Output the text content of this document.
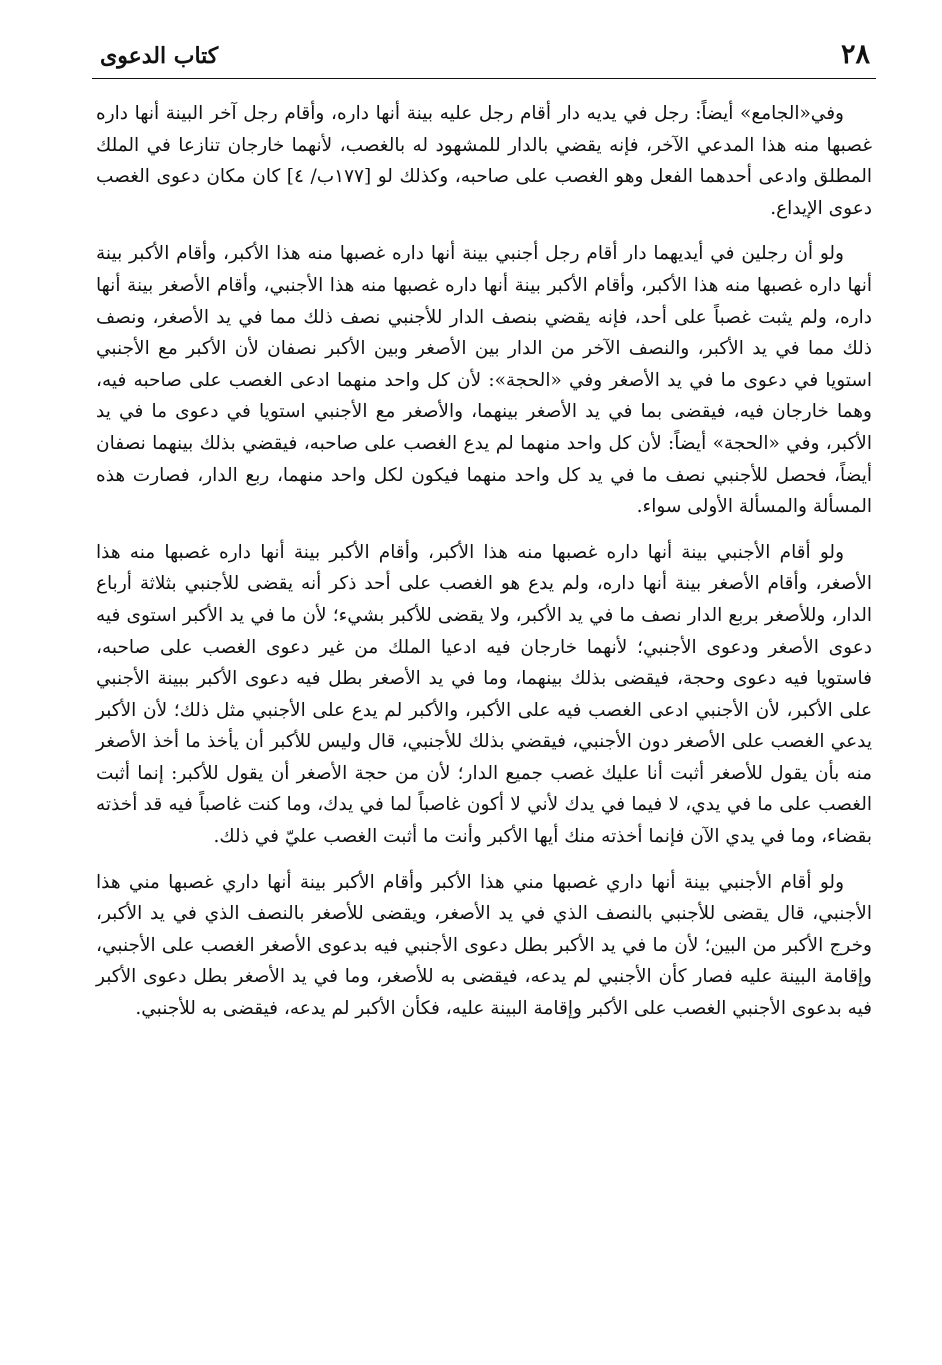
٢٨
كتاب الدعوى

وفي«الجامع» أيضاً: رجل في يديه دار أقام رجل عليه بينة أنها داره، وأقام رجل آخر البينة أنها داره غصبها منه هذا المدعي الآخر، فإنه يقضي بالدار للمشهود له بالغصب، لأنهما خارجان تنازعا في الملك المطلق وادعى أحدهما الفعل وهو الغصب على صاحبه، وكذلك لو [١٧٧ب/ ٤] كان مكان دعوى الغصب دعوى الإيداع.

ولو أن رجلين في أيديهما دار أقام رجل أجنبي بينة أنها داره غصبها منه هذا الأكبر، وأقام الأكبر بينة أنها داره غصبها منه هذا الأكبر، وأقام الأكبر بينة أنها داره غصبها منه هذا الأجنبي، وأقام الأصغر بينة أنها داره، ولم يثبت غصباً على أحد، فإنه يقضي بنصف الدار للأجنبي نصف ذلك مما في يد الأصغر، ونصف ذلك مما في يد الأكبر، والنصف الآخر من الدار بين الأصغر وبين الأكبر نصفان لأن الأكبر مع الأجنبي استويا في دعوى ما في يد الأصغر وفي «الحجة»: لأن كل واحد منهما ادعى الغصب على صاحبه فيه، وهما خارجان فيه، فيقضى بما في يد الأصغر بينهما، والأصغر مع الأجنبي استويا في دعوى ما في يد الأكبر، وفي «الحجة» أيضاً: لأن كل واحد منهما لم يدع الغصب على صاحبه، فيقضي بذلك بينهما نصفان أيضاً، فحصل للأجنبي نصف ما في يد كل واحد منهما فيكون لكل واحد منهما، ربع الدار، فصارت هذه المسألة والمسألة الأولى سواء.

ولو أقام الأجنبي بينة أنها داره غصبها منه هذا الأكبر، وأقام الأكبر بينة أنها داره غصبها منه هذا الأصغر، وأقام الأصغر بينة أنها داره، ولم يدع هو الغصب على أحد ذكر أنه يقضى للأجنبي بثلاثة أرباع الدار، وللأصغر بربع الدار نصف ما في يد الأكبر، ولا يقضى للأكبر بشيء؛ لأن ما في يد الأكبر استوى فيه دعوى الأصغر ودعوى الأجنبي؛ لأنهما خارجان فيه ادعيا الملك من غير دعوى الغصب على صاحبه، فاستويا فيه دعوى وحجة، فيقضى بذلك بينهما، وما في يد الأصغر بطل فيه دعوى الأكبر ببينة الأجنبي على الأكبر، لأن الأجنبي ادعى الغصب فيه على الأكبر، والأكبر لم يدع على الأجنبي مثل ذلك؛ لأن الأكبر يدعي الغصب على الأصغر دون الأجنبي، فيقضي بذلك للأجنبي، قال وليس للأكبر أن يأخذ ما أخذ الأصغر منه بأن يقول للأصغر أثبت أنا عليك غصب جميع الدار؛ لأن من حجة الأصغر أن يقول للأكبر: إنما أثبت الغصب على ما في يدي، لا فيما في يدك لأني لا أكون غاصباً لما في يدك، وما كنت غاصباً فيه قد أخذته بقضاء، وما في يدي الآن فإنما أخذته منك أيها الأكبر وأنت ما أثبت الغصب عليّ في ذلك.

ولو أقام الأجنبي بينة أنها داري غصبها مني هذا الأكبر وأقام الأكبر بينة أنها داري غصبها مني هذا الأجنبي، قال يقضى للأجنبي بالنصف الذي في يد الأصغر، ويقضى للأصغر بالنصف الذي في يد الأكبر، وخرج الأكبر من البين؛ لأن ما في يد الأكبر بطل دعوى الأجنبي فيه بدعوى الأصغر الغصب على الأجنبي، وإقامة البينة عليه فصار كأن الأجنبي لم يدعه، فيقضى به للأصغر، وما في يد الأصغر بطل دعوى الأكبر فيه بدعوى الأجنبي الغصب على الأكبر وإقامة البينة عليه، فكأن الأكبر لم يدعه، فيقضى به للأجنبي.
